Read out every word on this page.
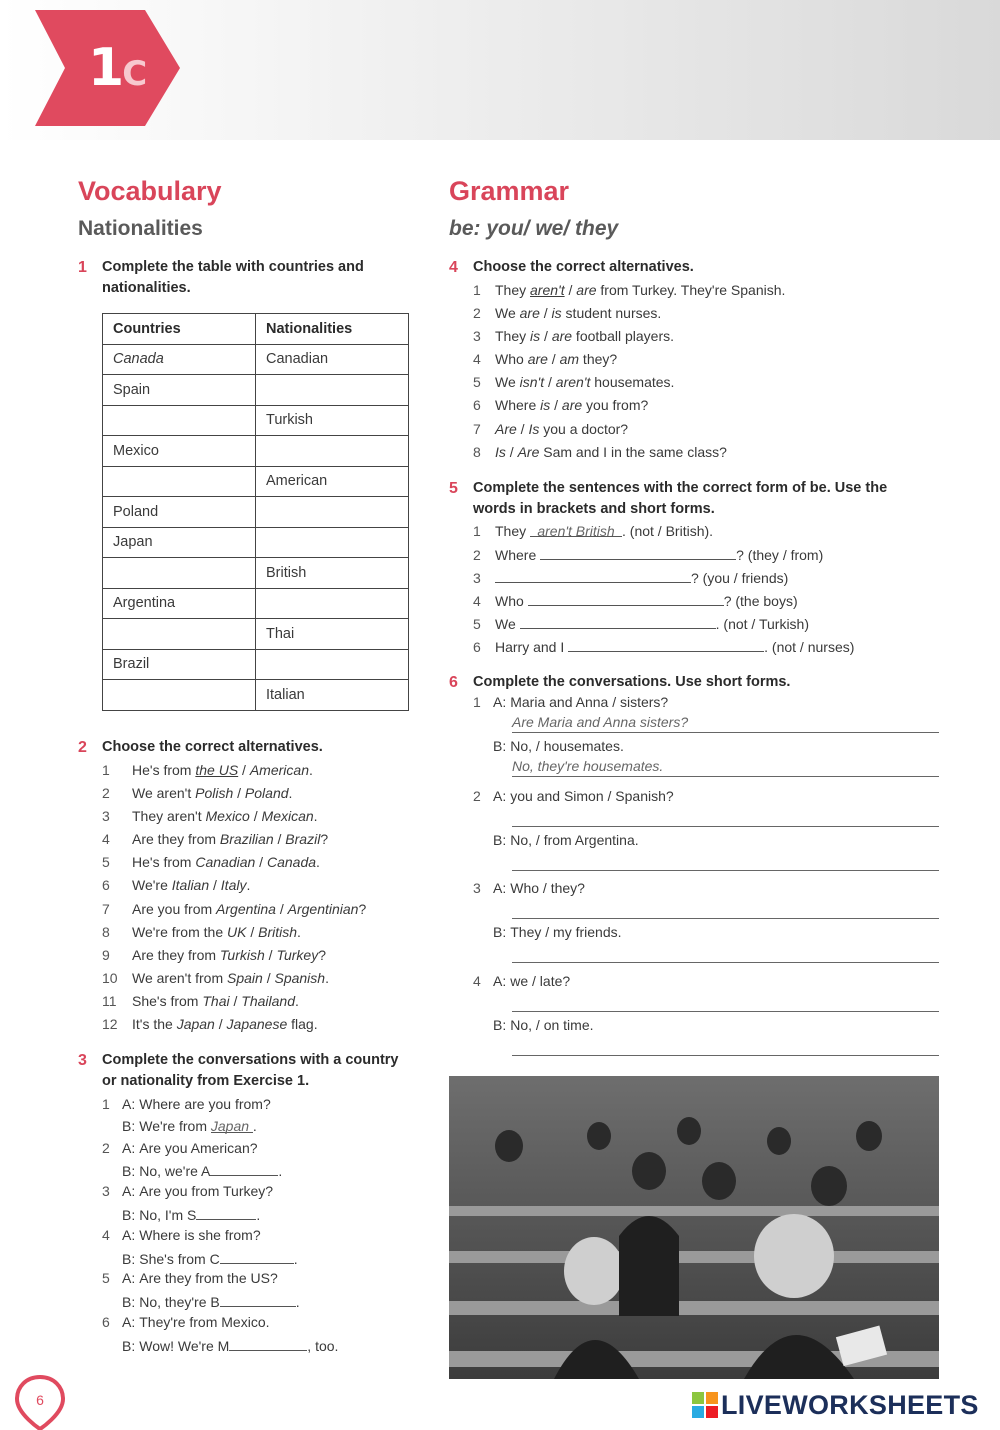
1C
Vocabulary
Nationalities
1 Complete the table with countries and
nationalities.
Countries	Nationalities
Canada	Canadian
Spain	
	Turkish
Mexico	
	American
Poland	
Japan	
	British
Argentina	
	Thai
Brazil	
	Italian
2 Choose the correct alternatives.
1 He's from the US / American.
2 We aren't Polish / Poland.
3 They aren't Mexico / Mexican.
4 Are they from Brazilian / Brazil?
5 He's from Canadian / Canada.
6 We're Italian / Italy.
7 Are you from Argentina / Argentinian?
8 We're from the UK / British.
9 Are they from Turkish / Turkey?
10 We aren't from Spain / Spanish.
11 She's from Thai / Thailand.
12 It's the Japan / Japanese flag.
3 Complete the conversations with a country
or nationality from Exercise 1.
1 A: Where are you from?
B: We're from Japan .
2 A: Are you American?
B: No, we're A	.
3 A: Are you from Turkey?
B: No, I'm S	.
4 A: Where is she from?
B: She's from C	.
5 A: Are they from the US?
B: No, they're B	.
6 A: They're from Mexico.
B: Wow! We're M	, too.
Grammar
be: you/ we/ they
4 Choose the correct alternatives.
1 They aren't / are from Turkey. They're Spanish.
2 We are / is student nurses.
3 They is / are football players.
4 Who are / am they?
5 We isn't / aren't housemates.
6 Where is / are you from?
7 Are / Is you a doctor?
8 Is / Are Sam and I in the same class?
5 Complete the sentences with the correct form of be. Use the
words in brackets and short forms.
1 They aren't British . (not / British).
2 Where	? (they / from)
3	? (you / friends)
4 Who	? (the boys)
5 We	. (not / Turkish)
6 Harry and I	. (not / nurses)
6 Complete the conversations. Use short forms.
1 A: Maria and Anna / sisters?
Are Maria and Anna sisters?
B: No, / housemates.
No, they're housemates.
2 A: you and Simon / Spanish?
B: No, / from Argentina.
3 A: Who / they?
B: They / my friends.
4 A: we / late?
B: No, / on time.
6	LIVEWORKSHEETS
